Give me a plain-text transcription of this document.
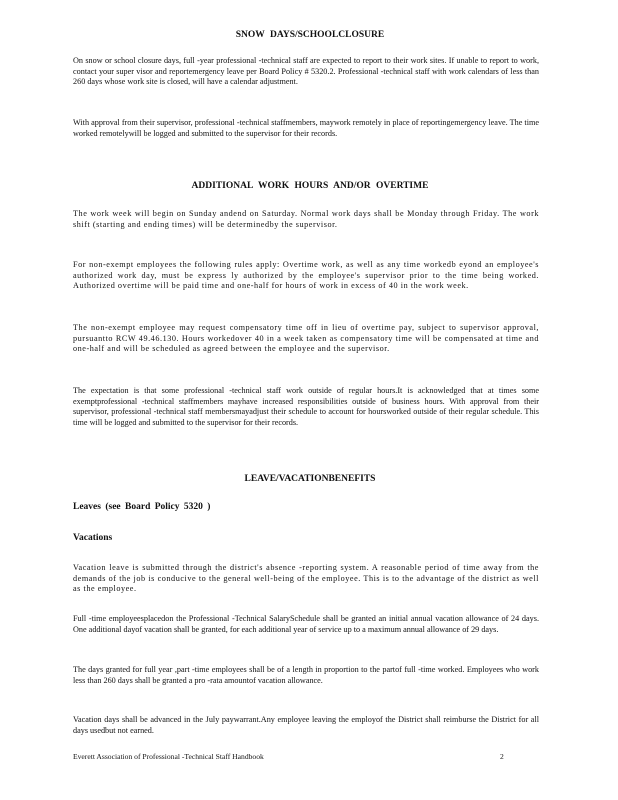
SNOW DAYS/SCHOOLCLOSURE

On snow or school closure days, full -year professional -technical staff are expected to report to their work sites. If unable to report to work, contact your super visor and reportemergency leave per Board Policy # 5320.2. Professional -technical staff with work calendars of less than 260 days whose work site is closed, will have a calendar adjustment.

With approval from their supervisor, professional -technical staffmembers, maywork remotely in place of reportingemergency leave. The time worked remotelywill be logged and submitted to the supervisor for their records.

ADDITIONAL WORK HOURS AND/OR OVERTIME

The work week will begin on Sunday andend on Saturday. Normal work days shall be Monday through Friday. The work shift (starting and ending times) will be determinedby the supervisor.

For non-exempt employees the following rules apply: Overtime work, as well as any time workedb eyond an employee's authorized work day, must be express ly authorized by the employee's supervisor prior to the time being worked. Authorized overtime will be paid time and one-half for hours of work in excess of 40 in the work week.

The non-exempt employee may request compensatory time off in lieu of overtime pay, subject to supervisor approval, pursuantto RCW 49.46.130. Hours workedover 40 in a week taken as compensatory time will be compensated at time and one-half and will be scheduled as agreed between the employee and the supervisor.

The expectation is that some professional -technical staff work outside of regular hours.It is acknowledged that at times some exemptprofessional -technical staffmembers mayhave increased responsibilities outside of business hours. With approval from their supervisor, professional -technical staff membersmayadjust their schedule to account for hoursworked outside of their regular schedule. This time will be logged and submitted to the supervisor for their records.

LEAVE/VACATIONBENEFITS
Leaves (see Board Policy 5320 )
Vacations

Vacation leave is submitted through the district's absence -reporting system. A reasonable period of time away from the demands of the job is conducive to the general well-being of the employee. This is to the advantage of the district as well as the employee.

Full -time employeesplacedon the Professional -Technical SalarySchedule shall be granted an initial annual vacation allowance of 24 days. One additional dayof vacation shall be granted, for each additional year of service up to a maximum annual allowance of 29 days.

The days granted for full year ,part -time employees shall be of a length in proportion to the partof full -time worked. Employees who work less than 260 days shall be granted a pro -rata amountof vacation allowance.

Vacation days shall be advanced in the July paywarrant.Any employee leaving the employof the District shall reimburse the District for all days usedbut not earned.

Everett Association of Professional -Technical Staff Handbook	2
